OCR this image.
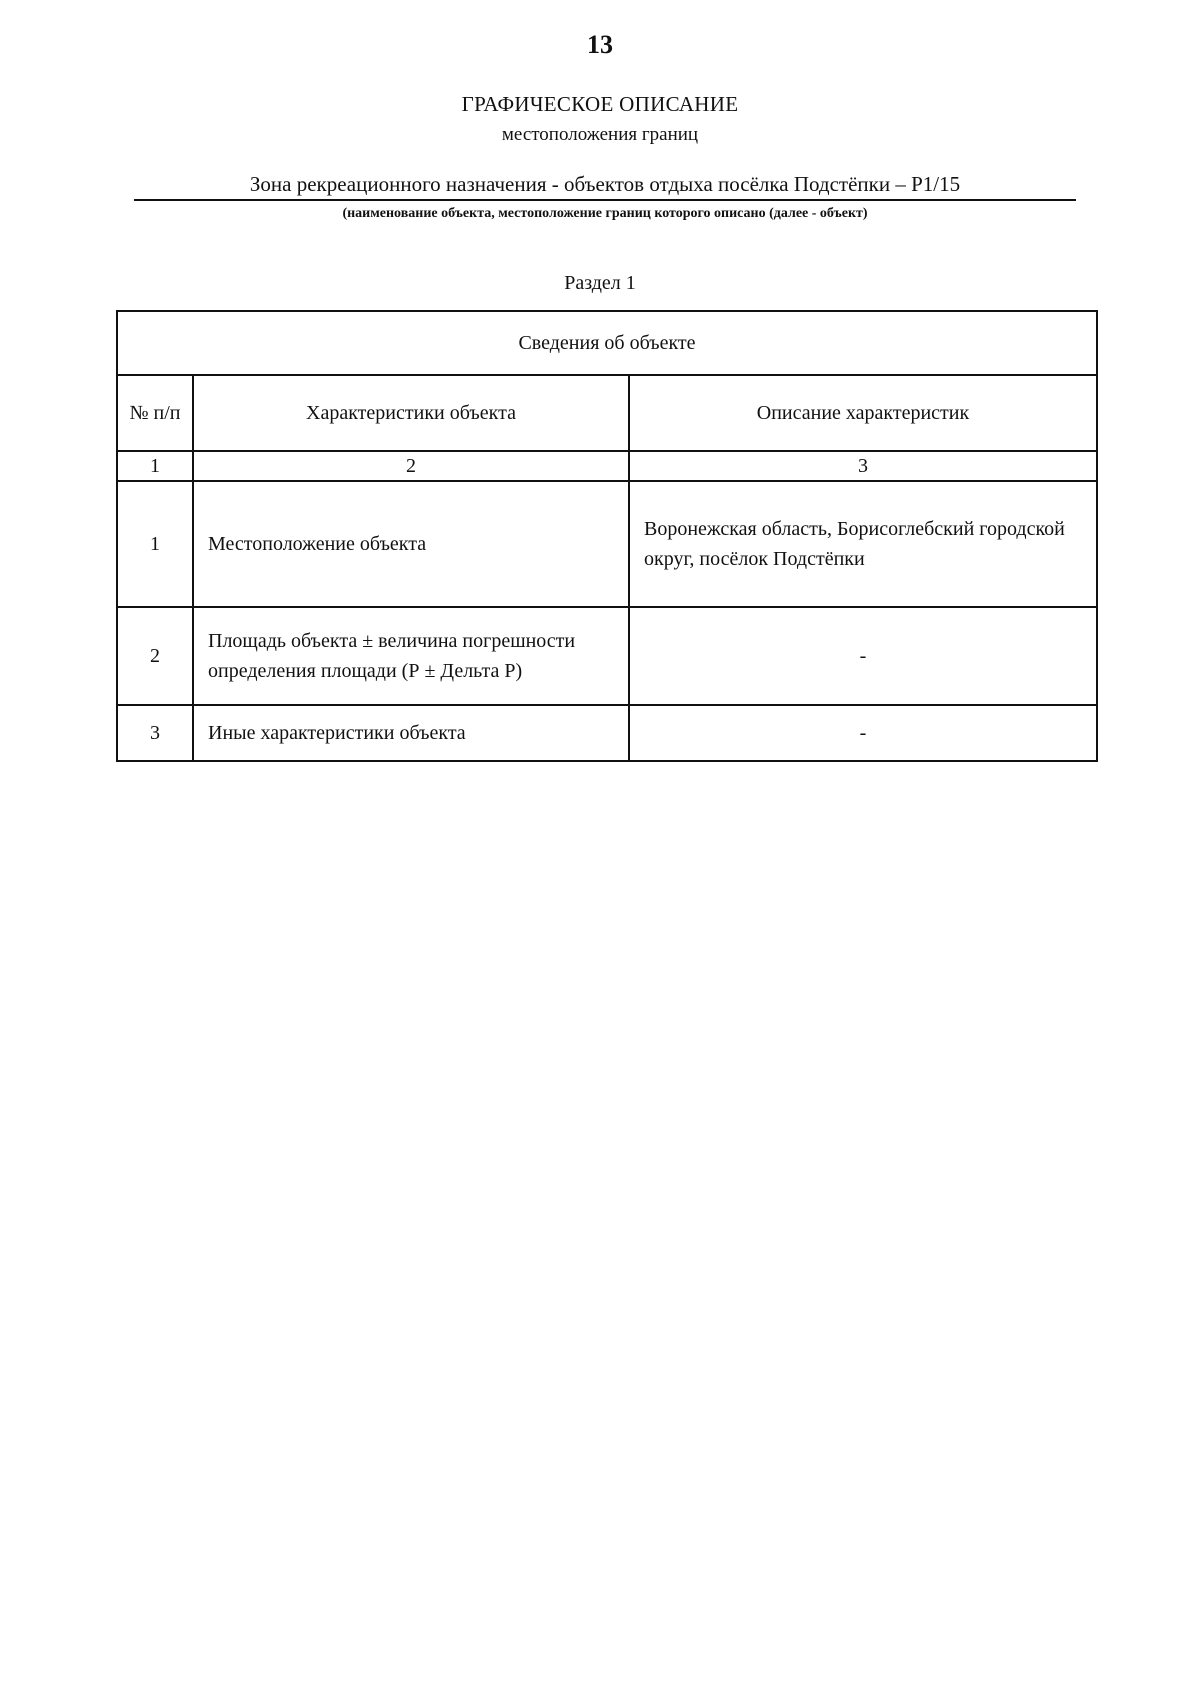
13
ГРАФИЧЕСКОЕ ОПИСАНИЕ
местоположения границ
Зона рекреационного назначения - объектов отдыха посёлка Подстёпки – Р1/15
(наименование объекта, местоположение границ которого описано (далее - объект)
Раздел 1
Сведения об объекте		
№ п/п	Характеристики объекта	Описание характеристик
1	2	3
1	Местоположение объекта	Воронежская область, Борисоглебский городской округ, посёлок Подстёпки
2	Площадь объекта ± величина погрешности определения площади (Р ± Дельта Р)	-
3	Иные характеристики объекта	-
